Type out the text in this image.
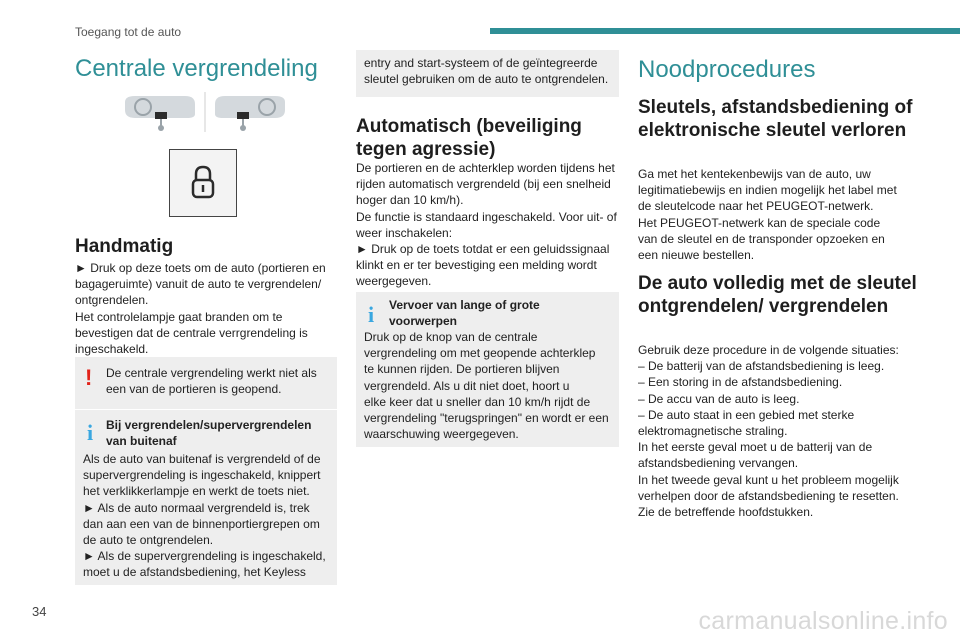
Toegang tot de auto
Centrale vergrendeling
Handmatig
► Druk op deze toets om de auto (portieren en
bagageruimte) vanuit de auto te vergrendelen/
ontgrendelen.
Het controlelampje gaat branden om te
bevestigen dat de centrale verrgrendeling is
ingeschakeld.
! De centrale vergrendeling werkt niet als
een van de portieren is geopend.
i Bij vergrendelen/supervergrendelen
van buitenaf
Als de auto van buitenaf is vergrendeld of de
supervergrendeling is ingeschakeld, knippert
het verklikkerlampje en werkt de toets niet.
► Als de auto normaal vergrendeld is, trek
dan aan een van de binnenportiergrepen om
de auto te ontgrendelen.
► Als de supervergrendeling is ingeschakeld,
moet u de afstandsbediening, het Keyless
entry and start-systeem of de geïntegreerde
sleutel gebruiken om de auto te ontgrendelen.
Automatisch (beveiliging tegen agressie)
De portieren en de achterklep worden tijdens het
rijden automatisch vergrendeld (bij een snelheid
hoger dan 10 km/h).
De functie is standaard ingeschakeld. Voor uit- of
weer inschakelen:
► Druk op de toets totdat er een geluidssignaal
klinkt en er ter bevestiging een melding wordt
weergegeven.
i Vervoer van lange of grote
voorwerpen
Druk op de knop van de centrale
vergrendeling om met geopende achterklep
te kunnen rijden. De portieren blijven
vergrendeld. Als u dit niet doet, hoort u
elke keer dat u sneller dan 10 km/h rijdt de
vergrendeling "terugspringen" en wordt er een
waarschuwing weergegeven.
Noodprocedures
Sleutels, afstandsbediening of elektronische sleutel verloren
Ga met het kentekenbewijs van de auto, uw
legitimatiebewijs en indien mogelijk het label met
de sleutelcode naar het PEUGEOT-netwerk.
Het PEUGEOT-netwerk kan de speciale code
van de sleutel en de transponder opzoeken en
een nieuwe bestellen.
De auto volledig met de sleutel ontgrendelen/ vergrendelen
Gebruik deze procedure in de volgende situaties:
– De batterij van de afstandsbediening is leeg.
– Een storing in de afstandsbediening.
– De accu van de auto is leeg.
– De auto staat in een gebied met sterke
elektromagnetische straling.
In het eerste geval moet u de batterij van de
afstandsbediening vervangen.
In het tweede geval kunt u het probleem mogelijk
verhelpen door de afstandsbediening te resetten.
Zie de betreffende hoofdstukken.
34	carmanualsonline.info
